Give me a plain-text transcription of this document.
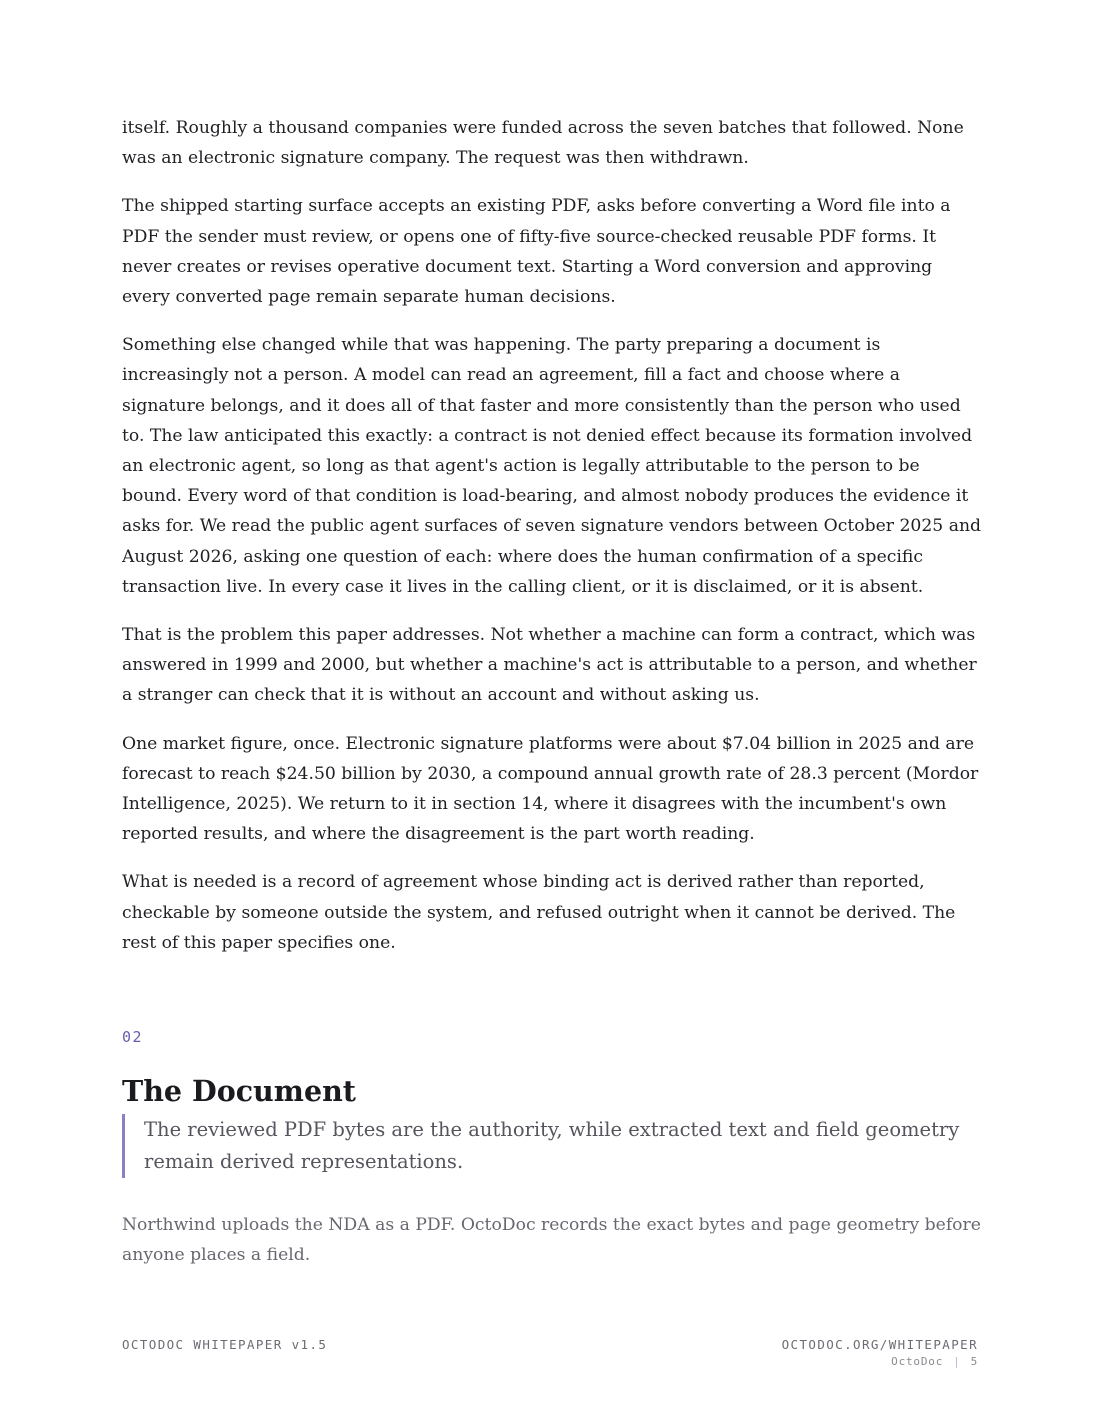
itself. Roughly a thousand companies were funded across the seven batches that followed. None was an electronic signature company. The request was then withdrawn.

The shipped starting surface accepts an existing PDF, asks before converting a Word file into a PDF the sender must review, or opens one of fifty-five source-checked reusable PDF forms. It never creates or revises operative document text. Starting a Word conversion and approving every converted page remain separate human decisions.

Something else changed while that was happening. The party preparing a document is increasingly not a person. A model can read an agreement, fill a fact and choose where a signature belongs, and it does all of that faster and more consistently than the person who used to. The law anticipated this exactly: a contract is not denied effect because its formation involved an electronic agent, so long as that agent's action is legally attributable to the person to be bound. Every word of that condition is load-bearing, and almost nobody produces the evidence it asks for. We read the public agent surfaces of seven signature vendors between October 2025 and August 2026, asking one question of each: where does the human confirmation of a specific transaction live. In every case it lives in the calling client, or it is disclaimed, or it is absent.

That is the problem this paper addresses. Not whether a machine can form a contract, which was answered in 1999 and 2000, but whether a machine's act is attributable to a person, and whether a stranger can check that it is without an account and without asking us.

One market figure, once. Electronic signature platforms were about $7.04 billion in 2025 and are forecast to reach $24.50 billion by 2030, a compound annual growth rate of 28.3 percent (Mordor Intelligence, 2025). We return to it in section 14, where it disagrees with the incumbent's own reported results, and where the disagreement is the part worth reading.

What is needed is a record of agreement whose binding act is derived rather than reported, checkable by someone outside the system, and refused outright when it cannot be derived. The rest of this paper specifies one.

02
The Document
The reviewed PDF bytes are the authority, while extracted text and field geometry remain derived representations.

Northwind uploads the NDA as a PDF. OctoDoc records the exact bytes and page geometry before anyone places a field.

OCTODOC WHITEPAPER v1.5	OCTODOC.ORG/WHITEPAPER
OctoDoc | 5
